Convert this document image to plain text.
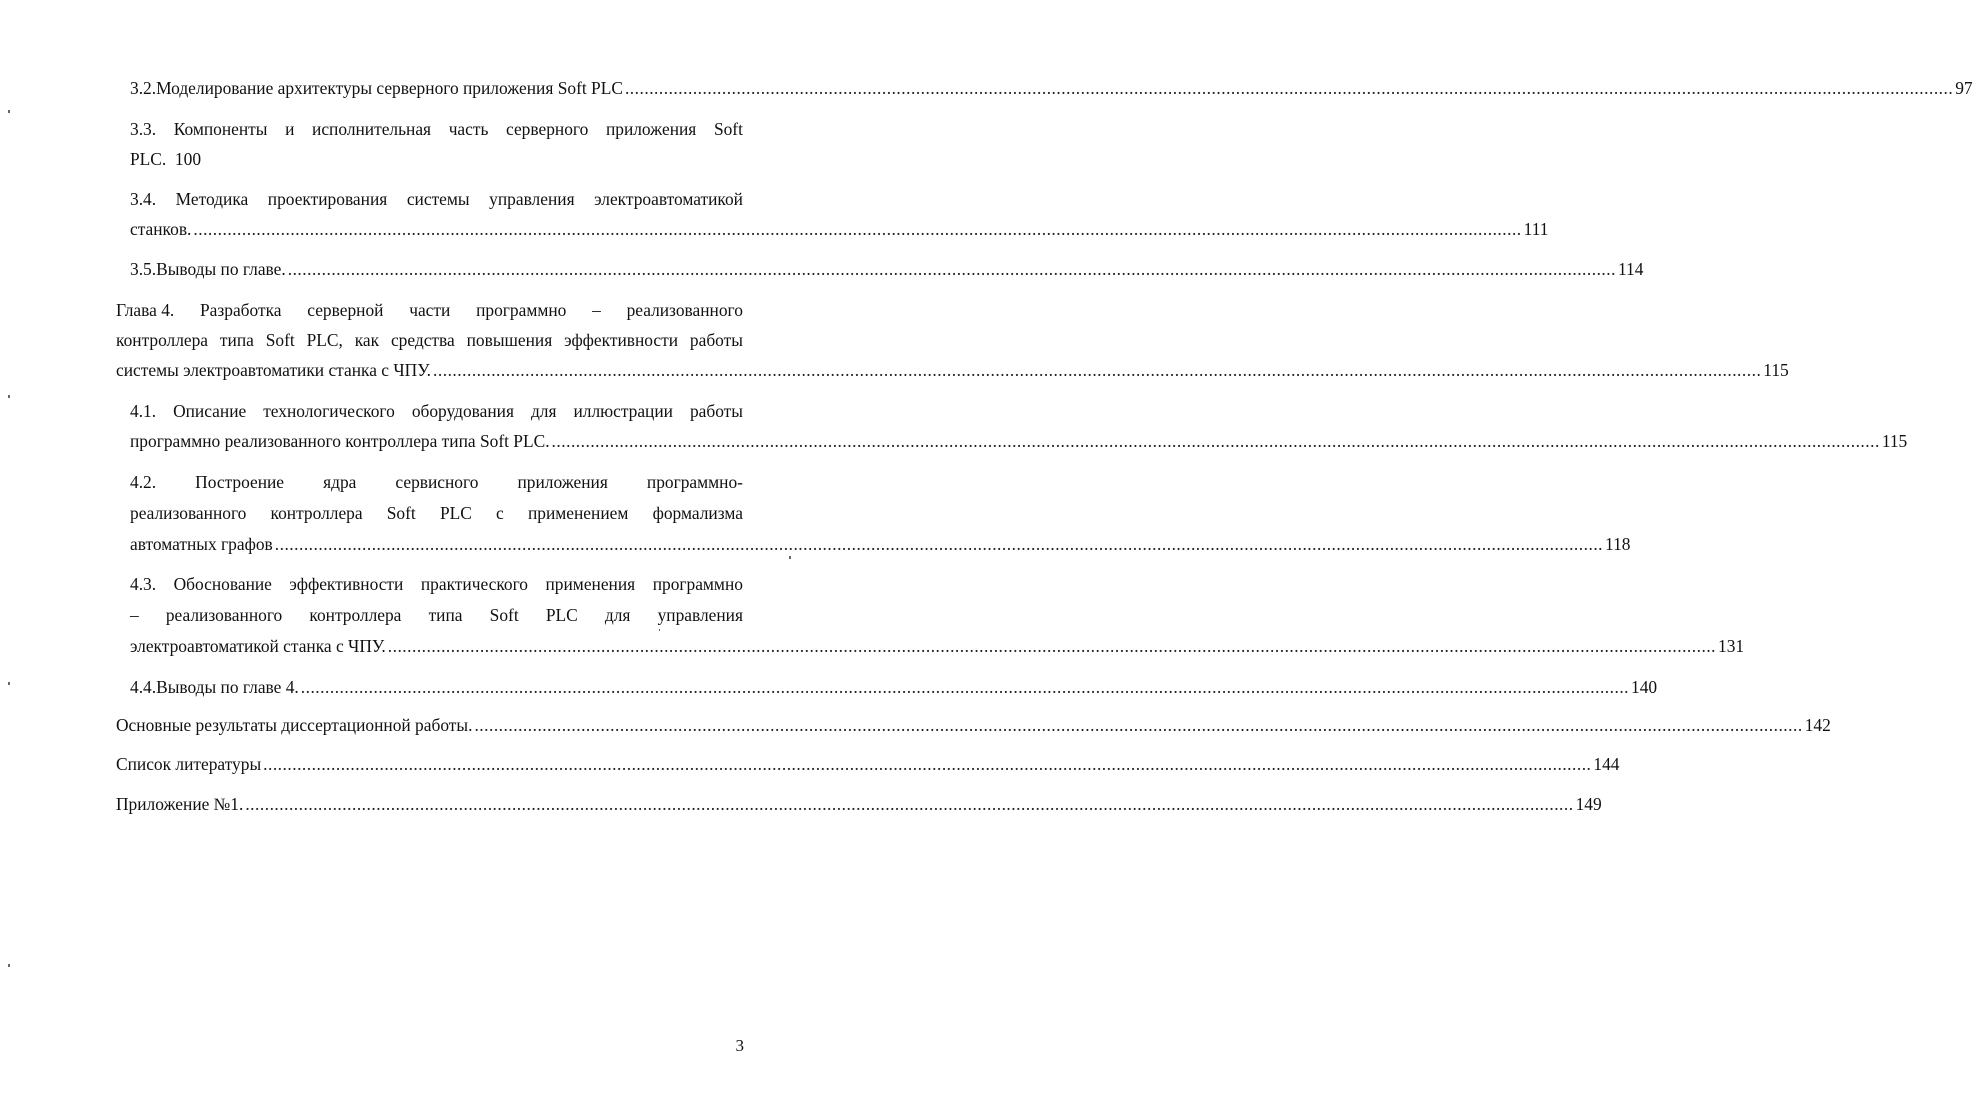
3.2. Моделирование архитектуры серверного приложения Soft PLC .................................................................................................................................................................................................................................................................................. 97
3.3. Компоненты и исполнительная часть серверного приложения Soft
PLC.  100
3.4. Методика проектирования системы управления электроавтоматикой
станков. .................................................................................................................................................................................................................................................................................. 111
3.5. Выводы по главе. .................................................................................................................................................................................................................................................................................. 114
Глава 4. Разработка серверной части программно – реализованного
контроллера типа Soft PLC, как средства повышения эффективности работы
системы электроавтоматики станка с ЧПУ. .................................................................................................................................................................................................................................................................................. 115
4.1. Описание технологического оборудования для иллюстрации работы
программно реализованного контроллера типа Soft PLC. .................................................................................................................................................................................................................................................................................. 115
4.2. Построение ядра сервисного приложения программно-
реализованного контроллера Soft PLC с применением формализма
автоматных графов .................................................................................................................................................................................................................................................................................. 118
4.3. Обоснование эффективности практического применения программно
– реализованного контроллера типа Soft PLC для управления
электроавтоматикой станка с ЧПУ. .................................................................................................................................................................................................................................................................................. 131
4.4. Выводы по главе 4. .................................................................................................................................................................................................................................................................................. 140
Основные результаты диссертационной работы. .................................................................................................................................................................................................................................................................................. 142
Список литературы .................................................................................................................................................................................................................................................................................. 144
Приложение №1. .................................................................................................................................................................................................................................................................................. 149
3
